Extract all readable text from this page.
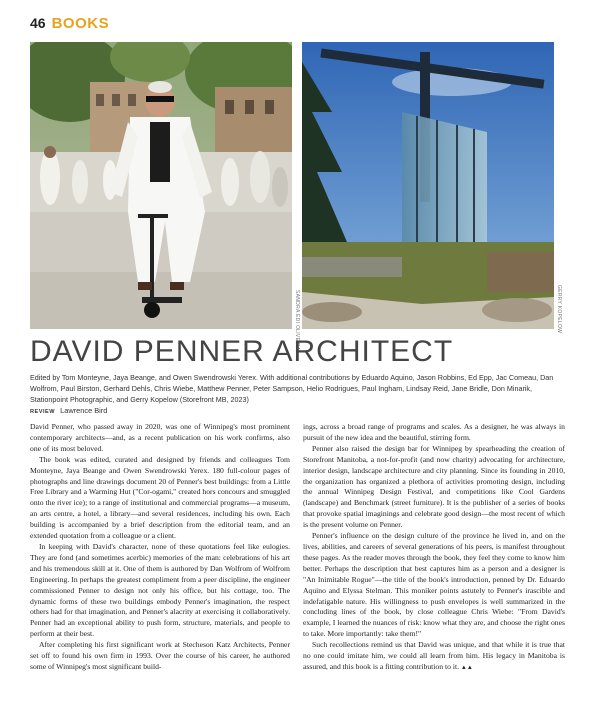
46 BOOKS
SANDRA EDI OLIVEIRA	GERRY KOPELOW
DAVID PENNER ARCHITECT
Edited by Tom Monteyne, Jaya Beange, and Owen Swendrowski Yerex. With additional contributions by Eduardo Aquino, Jason Robbins, Ed Epp, Jac Comeau, Dan Wolfrom, Paul Birston, Gerhard Dehls, Chris Wiebe, Matthew Penner, Peter Sampson, Helio Rodrigues, Paul Ingham, Lindsay Reid, Jane Bridle, Don Minarik, Stationpoint Photographic, and Gerry Kopelow (Storefront MB, 2023)
REVIEW Lawrence Bird

David Penner, who passed away in 2020, was one of Winnipeg's most prominent contemporary architects—and, as a recent publication on his work confirms, also one of its most beloved.

The book was edited, curated and designed by friends and colleagues Tom Monteyne, Jaya Beange and Owen Swendrowski Yerex. 180 full-colour pages of photographs and line drawings document 20 of Penner's best buildings: from a Little Free Library and a Warming Hut ("Cor-ogami," created hors concours and smuggled onto the river ice); to a range of institutional and commercial programs—a museum, an arts centre, a hotel, a library—and several residences, including his own. Each building is accompanied by a brief description from the editorial team, and an extended quotation from a colleague or a client.

In keeping with David's character, none of these quotations feel like eulogies. They are fond (and sometimes acerbic) memories of the man: celebrations of his art and his tremendous skill at it. One of them is authored by Dan Wolfrom of Wolfrom Engineering. In perhaps the greatest compliment from a peer discipline, the engineer commissioned Penner to design not only his office, but his cottage, too. The dynamic forms of these two buildings embody Penner's imagination, the respect others had for that imagination, and Penner's alacrity at exercising it collaboratively. Penner had an exceptional ability to push form, structure, materials, and people to perform at their best.

After completing his first significant work at Stecheson Katz Architects, Penner set off to found his own firm in 1993. Over the course of his career, he authored some of Winnipeg's most significant build-

ings, across a broad range of programs and scales. As a designer, he was always in pursuit of the new idea and the beautiful, stirring form.

Penner also raised the design bar for Winnipeg by spearheading the creation of Storefront Manitoba, a not-for-profit (and now charity) advocating for architecture, interior design, landscape architecture and city planning. Since its founding in 2010, the organization has organized a plethora of activities promoting design, including the annual Winnipeg Design Festival, and competitions like Cool Gardens (landscape) and Benchmark (street furniture). It is the publisher of a series of books that provoke spatial imaginings and celebrate good design—the most recent of which is the present volume on Penner.

Penner's influence on the design culture of the province he lived in, and on the lives, abilities, and careers of several generations of his peers, is manifest throughout these pages. As the reader moves through the book, they feel they come to know him better. Perhaps the description that best captures him as a person and a designer is "An Inimitable Rogue"—the title of the book's introduction, penned by Dr. Eduardo Aquino and Elyssa Stelman. This moniker points astutely to Penner's irascible and indefatigable nature. His willingness to push envelopes is well summarized in the concluding lines of the book, by close colleague Chris Wiebe: "From David's example, I learned the nuances of risk: know what they are, and choose the right ones to take. More importantly: take them!"

Such recollections remind us that David was unique, and that while it is true that no one could imitate him, we could all learn from him. His legacy in Manitoba is assured, and this book is a fitting contribution to it. ▲▲
